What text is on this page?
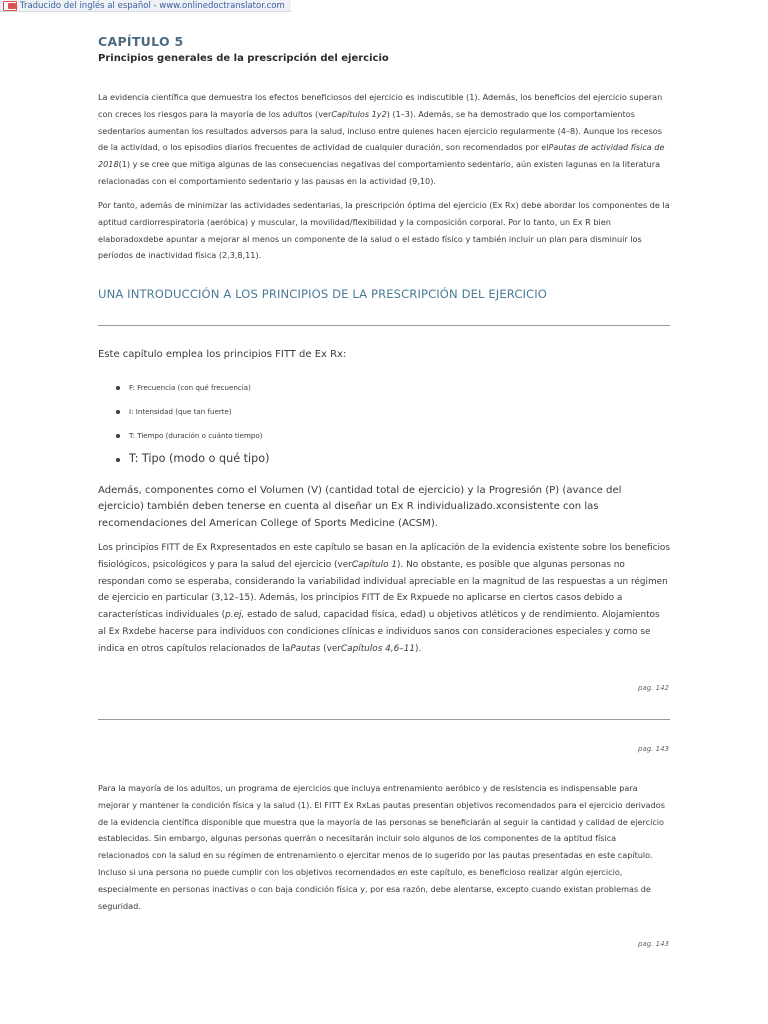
Traducido del inglés al español - www.onlinedoctranslator.com
CAPÍTULO 5
Principios generales de la prescripción del ejercicio

La evidencia científica que demuestra los efectos beneficiosos del ejercicio es indiscutible (1). Además, los beneficios del ejercicio superan con creces los riesgos para la mayoría de los adultos (verCapítulos 1y2) (1–3). Además, se ha demostrado que los comportamientos sedentarios aumentan los resultados adversos para la salud, incluso entre quienes hacen ejercicio regularmente (4–8). Aunque los recesos de la actividad, o los episodios diarios frecuentes de actividad de cualquier duración, son recomendados por elPautas de actividad física de 2018(1) y se cree que mitiga algunas de las consecuencias negativas del comportamiento sedentario, aún existen lagunas en la literatura relacionadas con el comportamiento sedentario y las pausas en la actividad (9,10).

Por tanto, además de minimizar las actividades sedentarias, la prescripción óptima del ejercicio (Ex Rx) debe abordar los componentes de la aptitud cardiorrespiratoria (aeróbica) y muscular, la movilidad/flexibilidad y la composición corporal. Por lo tanto, un Ex R bien elaboradoxdebe apuntar a mejorar al menos un componente de la salud o el estado físico y también incluir un plan para disminuir los períodos de inactividad física (2,3,8,11).

UNA INTRODUCCIÓN A LOS PRINCIPIOS DE LA PRESCRIPCIÓN DEL EJERCICIO
Este capítulo emplea los principios FITT de Ex Rx:
F: Frecuencia (con qué frecuencia)
I: Intensidad (que tan fuerte)
T: Tiempo (duración o cuánto tiempo)
T: Tipo (modo o qué tipo)

Además, componentes como el Volumen (V) (cantidad total de ejercicio) y la Progresión (P) (avance del ejercicio) también deben tenerse en cuenta al diseñar un Ex R individualizado.xconsistente con las recomendaciones del American College of Sports Medicine (ACSM).

Los principios FITT de Ex Rxpresentados en este capítulo se basan en la aplicación de la evidencia existente sobre los beneficios fisiológicos, psicológicos y para la salud del ejercicio (verCapítulo 1). No obstante, es posible que algunas personas no respondan como se esperaba, considerando la variabilidad individual apreciable en la magnitud de las respuestas a un régimen de ejercicio en particular (3,12–15). Además, los principios FITT de Ex Rxpuede no aplicarse en ciertos casos debido a características individuales (p.ej, estado de salud, capacidad física, edad) u objetivos atléticos y de rendimiento. Alojamientos al Ex Rxdebe hacerse para individuos con condiciones clínicas e individuos sanos con consideraciones especiales y como se indica en otros capítulos relacionados de laPautas (verCapítulos 4,6–11).

pag. 142
pag. 143

Para la mayoría de los adultos, un programa de ejercicios que incluya entrenamiento aeróbico y de resistencia es indispensable para mejorar y mantener la condición física y la salud (1). El FITT Ex RxLas pautas presentan objetivos recomendados para el ejercicio derivados de la evidencia científica disponible que muestra que la mayoría de las personas se beneficiarán al seguir la cantidad y calidad de ejercicio establecidas. Sin embargo, algunas personas querrán o necesitarán incluir solo algunos de los componentes de la aptitud física relacionados con la salud en su régimen de entrenamiento o ejercitar menos de lo sugerido por las pautas presentadas en este capítulo. Incluso si una persona no puede cumplir con los objetivos recomendados en este capítulo, es beneficioso realizar algún ejercicio, especialmente en personas inactivas o con baja condición física y, por esa razón, debe alentarse, excepto cuando existan problemas de seguridad.

pag. 143
